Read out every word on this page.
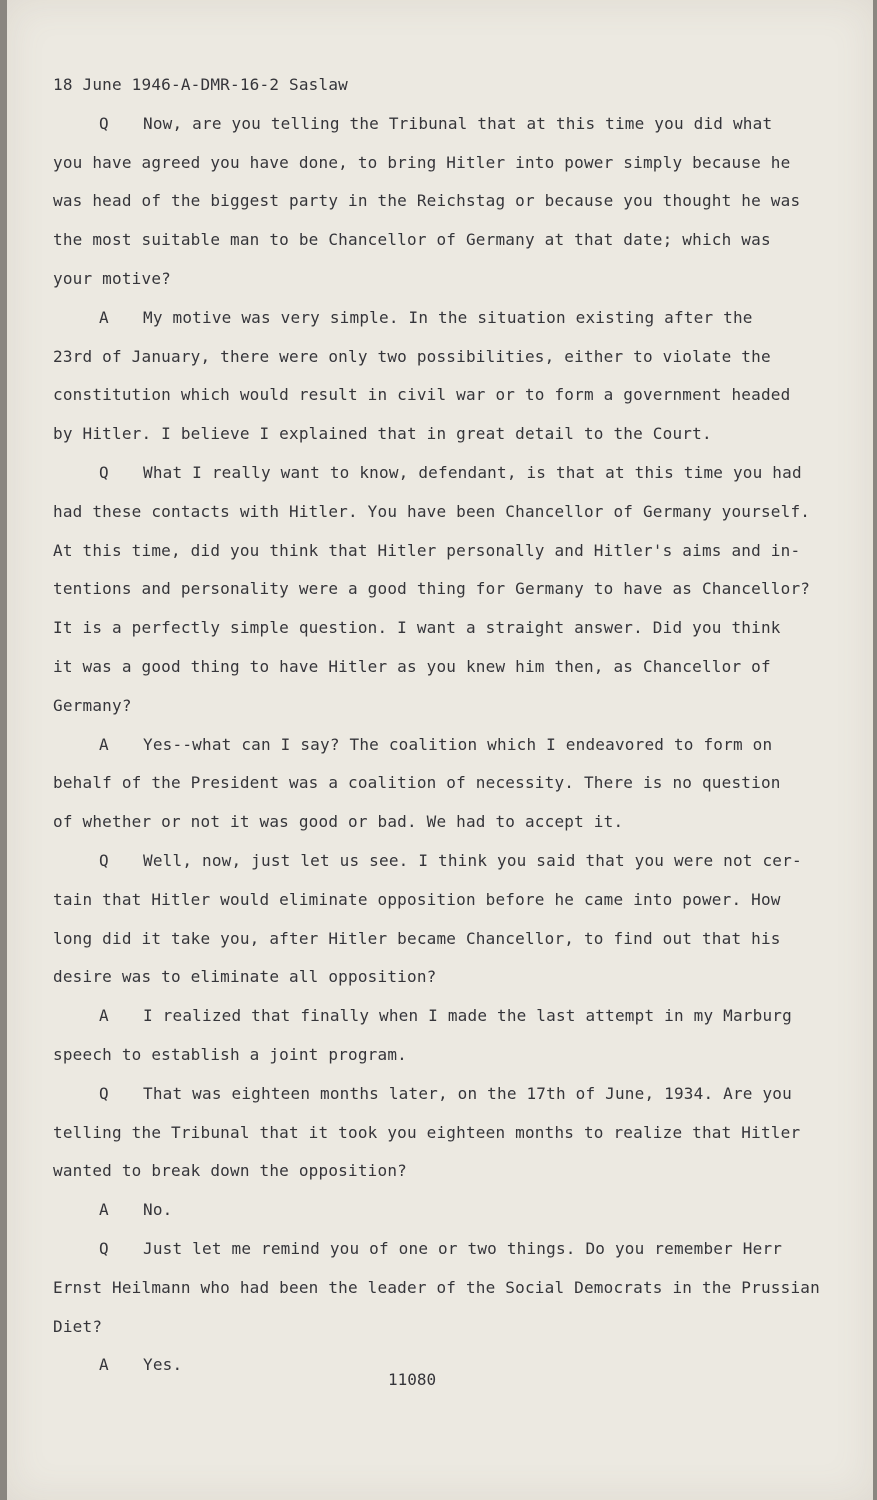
18 June 1946-A-DMR-16-2 Saslaw
Q Now, are you telling the Tribunal that at this time you did what
you have agreed you have done, to bring Hitler into power simply because he
was head of the biggest party in the Reichstag or because you thought he was
the most suitable man to be Chancellor of Germany at that date; which was
your motive?
A My motive was very simple. In the situation existing after the
23rd of January, there were only two possibilities, either to violate the
constitution which would result in civil war or to form a government headed
by Hitler. I believe I explained that in great detail to the Court.
Q What I really want to know, defendant, is that at this time you had
had these contacts with Hitler. You have been Chancellor of Germany yourself.
At this time, did you think that Hitler personally and Hitler's aims and in-
tentions and personality were a good thing for Germany to have as Chancellor?
It is a perfectly simple question. I want a straight answer. Did you think
it was a good thing to have Hitler as you knew him then, as Chancellor of
Germany?
A Yes--what can I say? The coalition which I endeavored to form on
behalf of the President was a coalition of necessity. There is no question
of whether or not it was good or bad. We had to accept it.
Q Well, now, just let us see. I think you said that you were not cer-
tain that Hitler would eliminate opposition before he came into power. How
long did it take you, after Hitler became Chancellor, to find out that his
desire was to eliminate all opposition?
A I realized that finally when I made the last attempt in my Marburg
speech to establish a joint program.
Q That was eighteen months later, on the 17th of June, 1934. Are you
telling the Tribunal that it took you eighteen months to realize that Hitler
wanted to break down the opposition?
A No.
Q Just let me remind you of one or two things. Do you remember Herr
Ernst Heilmann who had been the leader of the Social Democrats in the Prussian
Diet?
A Yes.
11080
